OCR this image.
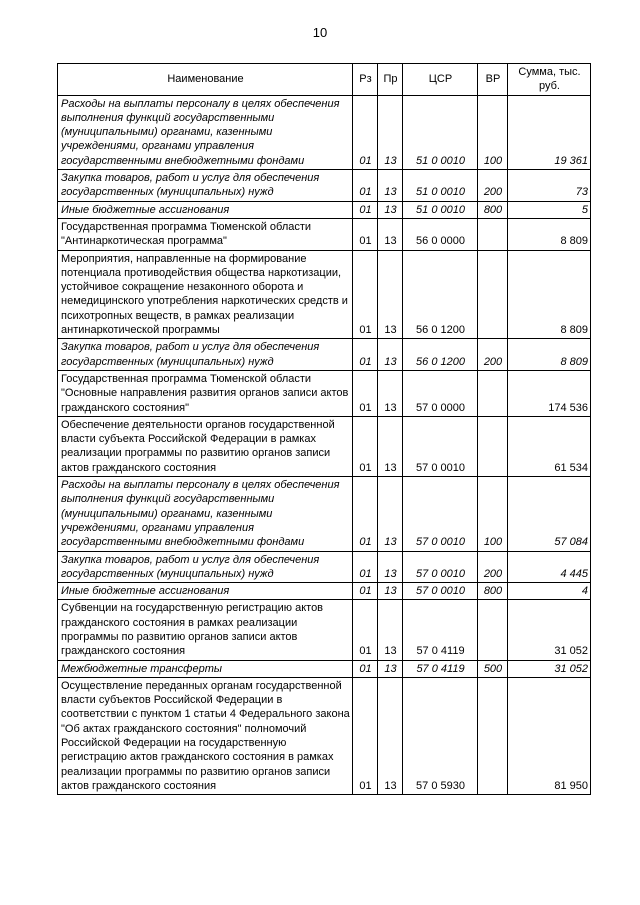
10
Наименование	Рз	Пр	ЦСР	ВР	Сумма, тыс. руб.
Расходы на выплаты персоналу в целях обеспечения выполнения функций государственными (муниципальными) органами, казенными учреждениями, органами управления государственными внебюджетными фондами	01	13	51 0 0010	100	19 361
Закупка товаров, работ и услуг для обеспечения государственных (муниципальных) нужд	01	13	51 0 0010	200	73
Иные бюджетные ассигнования	01	13	51 0 0010	800	5
Государственная программа Тюменской области "Антинаркотическая программа"	01	13	56 0 0000		8 809
Мероприятия, направленные на формирование потенциала противодействия общества наркотизации, устойчивое сокращение незаконного оборота и немедицинского употребления наркотических средств и психотропных веществ, в рамках реализации антинаркотической программы	01	13	56 0 1200		8 809
Закупка товаров, работ и услуг для обеспечения государственных (муниципальных) нужд	01	13	56 0 1200	200	8 809
Государственная программа Тюменской области "Основные направления развития органов записи актов гражданского состояния"	01	13	57 0 0000		174 536
Обеспечение деятельности органов государственной власти субъекта Российской Федерации в рамках реализации программы по развитию органов записи актов гражданского состояния	01	13	57 0 0010		61 534
Расходы на выплаты персоналу в целях обеспечения выполнения функций государственными (муниципальными) органами, казенными учреждениями, органами управления государственными внебюджетными фондами	01	13	57 0 0010	100	57 084
Закупка товаров, работ и услуг для обеспечения государственных (муниципальных) нужд	01	13	57 0 0010	200	4 445
Иные бюджетные ассигнования	01	13	57 0 0010	800	4
Субвенции на государственную регистрацию актов гражданского состояния в рамках реализации программы по развитию органов записи актов гражданского состояния	01	13	57 0 4119		31 052
Межбюджетные трансферты	01	13	57 0 4119	500	31 052
Осуществление переданных органам государственной власти субъектов Российской Федерации в соответствии с пунктом 1 статьи 4 Федерального закона "Об актах гражданского состояния" полномочий Российской Федерации на государственную регистрацию актов гражданского состояния в рамках реализации программы по развитию органов записи актов гражданского состояния	01	13	57 0 5930		81 950
